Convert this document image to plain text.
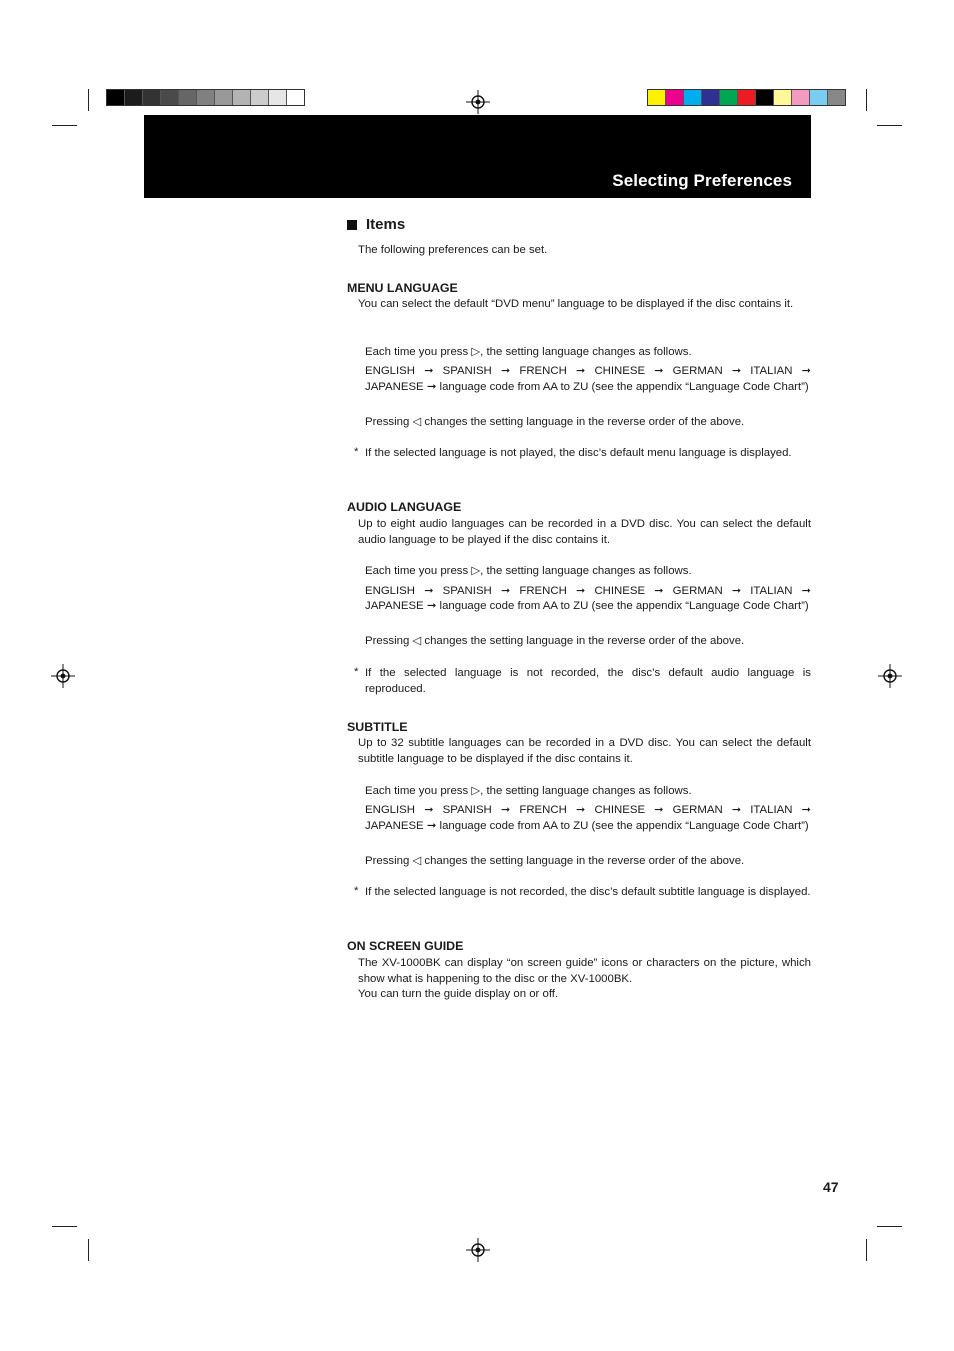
Selecting Preferences
Items
The following preferences can be set.
MENU LANGUAGE
You can select the default “DVD menu” language to be displayed if the disc contains it.
Each time you press ▷, the setting language changes as follows.
ENGLISH ➞ SPANISH ➞ FRENCH ➞ CHINESE ➞ GERMAN ➞ ITALIAN ➞
JAPANESE ➞ language code from AA to ZU (see the appendix “Language Code Chart”)
Pressing ◁ changes the setting language in the reverse order of the above.
* If the selected language is not played, the disc’s default menu language is displayed.
AUDIO LANGUAGE
Up to eight audio languages can be recorded in a DVD disc. You can select the default audio language to be played if the disc contains it.
Each time you press ▷, the setting language changes as follows.
ENGLISH ➞ SPANISH ➞ FRENCH ➞ CHINESE ➞ GERMAN ➞ ITALIAN ➞
JAPANESE ➞ language code from AA to ZU (see the appendix “Language Code Chart”)
Pressing ◁ changes the setting language in the reverse order of the above.
* If the selected language is not recorded, the disc’s default audio language is reproduced.
SUBTITLE
Up to 32 subtitle languages can be recorded in a DVD disc. You can select the default subtitle language to be displayed if the disc contains it.
Each time you press ▷, the setting language changes as follows.
ENGLISH ➞ SPANISH ➞ FRENCH ➞ CHINESE ➞ GERMAN ➞ ITALIAN ➞
JAPANESE ➞ language code from AA to ZU (see the appendix “Language Code Chart”)
Pressing ◁ changes the setting language in the reverse order of the above.
* If the selected language is not recorded, the disc’s default subtitle language is displayed.
ON SCREEN GUIDE
The XV-1000BK can display “on screen guide” icons or characters on the picture, which show what is happening to the disc or the XV-1000BK.
You can turn the guide display on or off.
47
